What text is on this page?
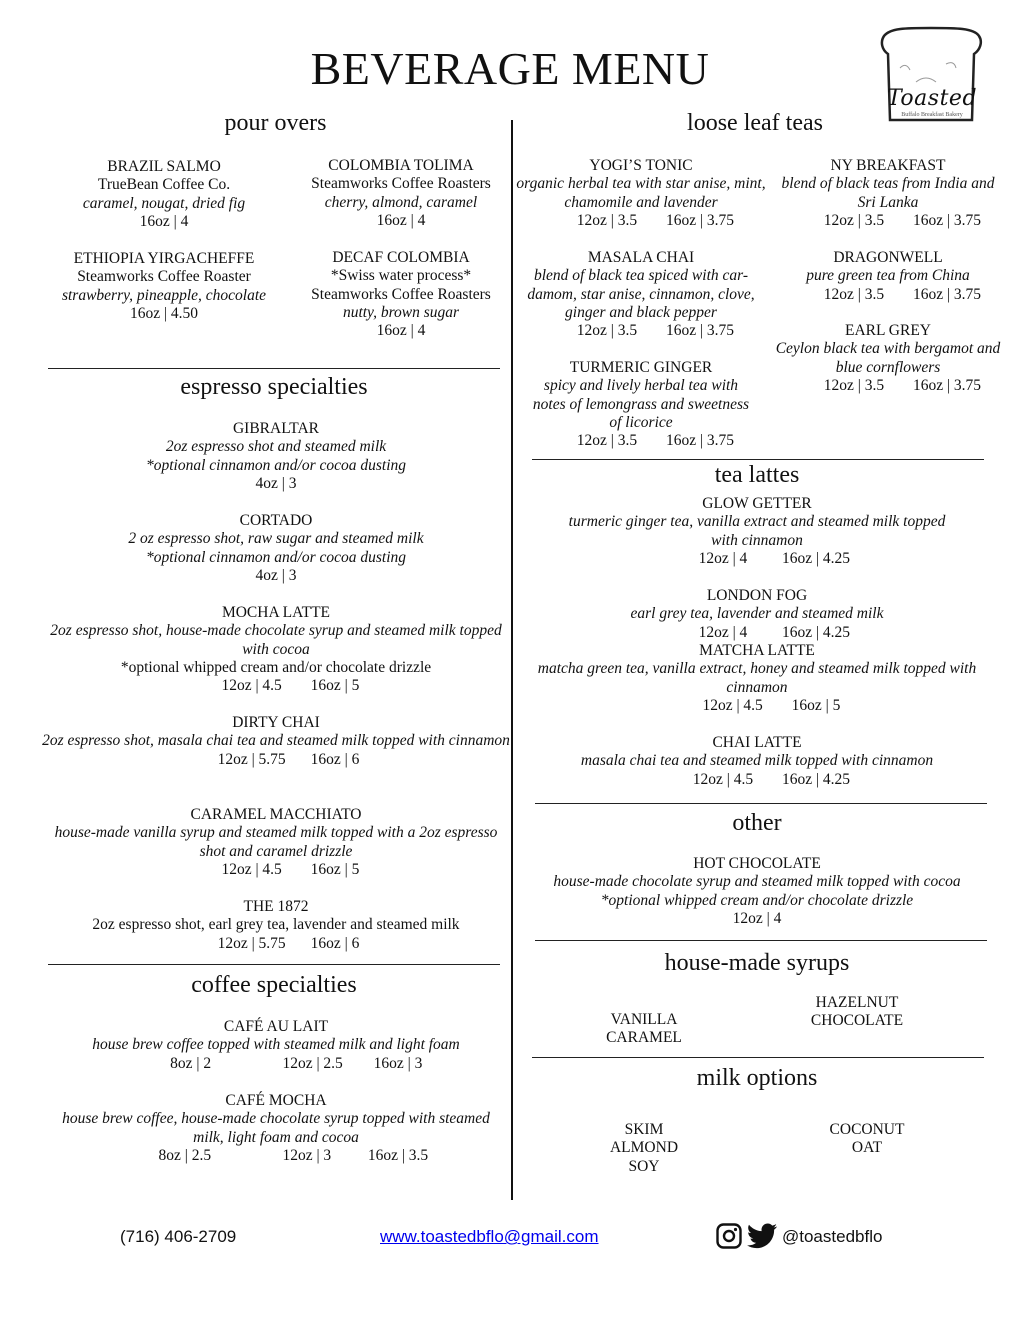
BEVERAGE MENU
Toasted
Buffalo Breakfast Bakery
pour overs
BRAZIL SALMO
TrueBean Coffee Co.
caramel, nougat, dried fig
16oz | 4
COLOMBIA TOLIMA
Steamworks Coffee Roasters
cherry, almond, caramel
16oz | 4
ETHIOPIA YIRGACHEFFE
Steamworks Coffee Roaster
strawberry, pineapple, chocolate
16oz | 4.50
DECAF COLOMBIA
*Swiss water process*
Steamworks Coffee Roasters
nutty, brown sugar
16oz | 4
espresso specialties
GIBRALTAR
2oz espresso shot and steamed milk
*optional cinnamon and/or cocoa dusting
4oz | 3
CORTADO
2 oz espresso shot, raw sugar and steamed milk
*optional cinnamon and/or cocoa dusting
4oz | 3
MOCHA LATTE
2oz espresso shot, house-made chocolate syrup and steamed milk topped with cocoa
*optional whipped cream and/or chocolate drizzle
12oz | 4.5	16oz | 5
DIRTY CHAI
2oz espresso shot, masala chai tea and steamed milk topped with cinnamon
12oz | 5.75	16oz | 6
CARAMEL MACCHIATO
house-made vanilla syrup and steamed milk topped with a 2oz espresso shot and caramel drizzle
12oz | 4.5	16oz | 5
THE 1872
2oz espresso shot, earl grey tea, lavender and steamed milk
12oz | 5.75	16oz | 6
coffee specialties
CAFÉ AU LAIT
house brew coffee topped with steamed milk and light foam
8oz | 2	12oz | 2.5	16oz | 3
CAFÉ MOCHA
house brew coffee, house-made chocolate syrup topped with steamed milk, light foam and cocoa
8oz | 2.5	12oz | 3	16oz | 3.5
loose leaf teas
YOGI’S TONIC
organic herbal tea with star anise, mint, chamomile and lavender
12oz | 3.5	16oz | 3.75
NY BREAKFAST
blend of black teas from India and Sri Lanka
12oz | 3.5	16oz | 3.75
MASALA CHAI
blend of black tea spiced with car-damom, star anise, cinnamon, clove, ginger and black pepper
12oz | 3.5	16oz | 3.75
DRAGONWELL
pure green tea from China
12oz | 3.5	16oz | 3.75
EARL GREY
Ceylon black tea with bergamot and blue cornflowers
12oz | 3.5	16oz | 3.75
TURMERIC GINGER
spicy and lively herbal tea with notes of lemongrass and sweetness of licorice
12oz | 3.5	16oz | 3.75
tea lattes
GLOW GETTER
turmeric ginger tea, vanilla extract and steamed milk topped with cinnamon
12oz | 4	16oz | 4.25
LONDON FOG
earl grey tea, lavender and steamed milk
12oz | 4	16oz | 4.25
MATCHA LATTE
matcha green tea, vanilla extract, honey and steamed milk topped with cinnamon
12oz | 4.5	16oz | 5
CHAI LATTE
masala chai tea and steamed milk topped with cinnamon
12oz | 4.5	16oz | 4.25
other
HOT CHOCOLATE
house-made chocolate syrup and steamed milk topped with cocoa
*optional whipped cream and/or chocolate drizzle
12oz | 4
house-made syrups
VANILLA
CARAMEL
HAZELNUT
CHOCOLATE
milk options
SKIM
ALMOND
SOY
COCONUT
OAT
(716) 406-2709	www.toastedbflo@gmail.com	@toastedbflo
